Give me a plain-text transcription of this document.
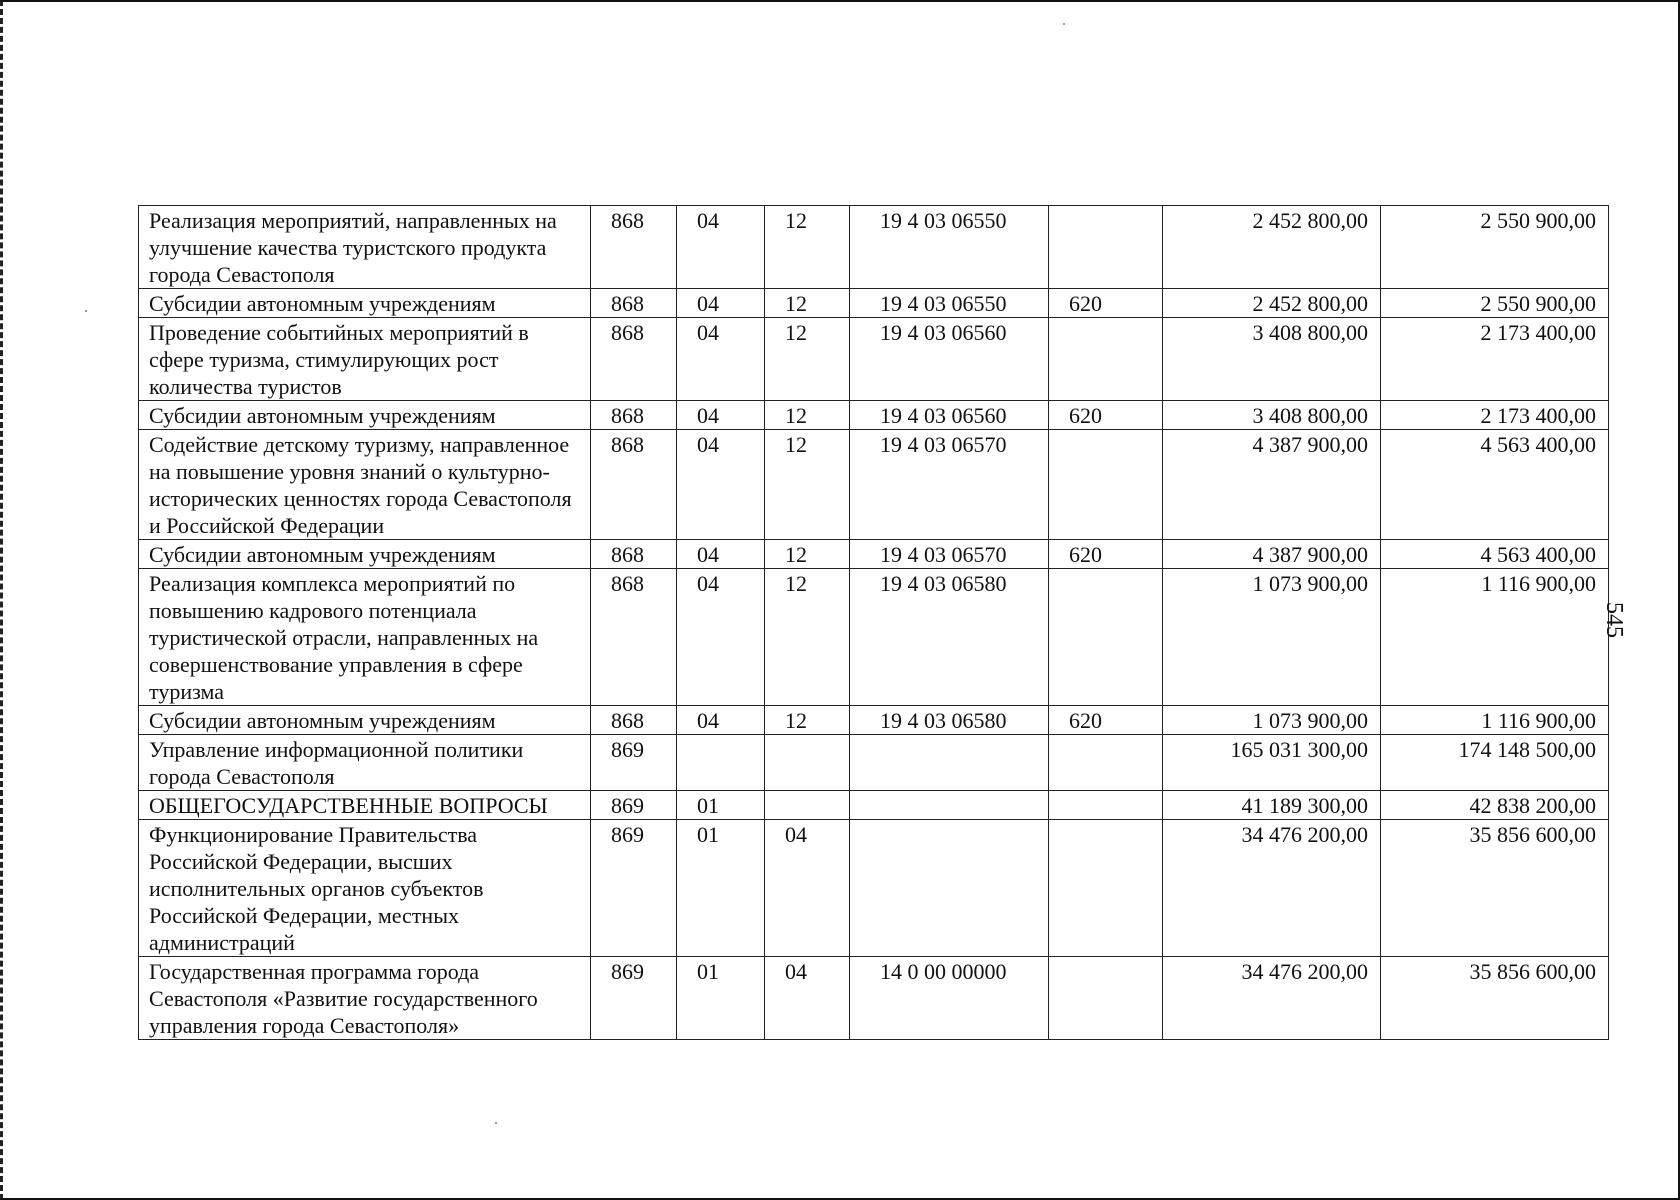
Реализация мероприятий, направленных на улучшение качества туристского продукта города Севастополя	868	04	12	19 4 03 06550		2 452 800,00	2 550 900,00
Субсидии автономным учреждениям	868	04	12	19 4 03 06550	620	2 452 800,00	2 550 900,00
Проведение событийных мероприятий в сфере туризма, стимулирующих рост количества туристов	868	04	12	19 4 03 06560		3 408 800,00	2 173 400,00
Субсидии автономным учреждениям	868	04	12	19 4 03 06560	620	3 408 800,00	2 173 400,00
Содействие детскому туризму, направленное на повышение уровня знаний о культурно-исторических ценностях города Севастополя и Российской Федерации	868	04	12	19 4 03 06570		4 387 900,00	4 563 400,00
Субсидии автономным учреждениям	868	04	12	19 4 03 06570	620	4 387 900,00	4 563 400,00
Реализация комплекса мероприятий по повышению кадрового потенциала туристической отрасли, направленных на совершенствование управления в сфере туризма	868	04	12	19 4 03 06580		1 073 900,00	1 116 900,00
Субсидии автономным учреждениям	868	04	12	19 4 03 06580	620	1 073 900,00	1 116 900,00
Управление информационной политики города Севастополя	869					165 031 300,00	174 148 500,00
ОБЩЕГОСУДАРСТВЕННЫЕ ВОПРОСЫ	869	01				41 189 300,00	42 838 200,00
Функционирование Правительства Российской Федерации, высших исполнительных органов субъектов Российской Федерации, местных администраций	869	01	04			34 476 200,00	35 856 600,00
Государственная программа города Севастополя «Развитие государственного управления города Севастополя»	869	01	04	14 0 00 00000		34 476 200,00	35 856 600,00
545
